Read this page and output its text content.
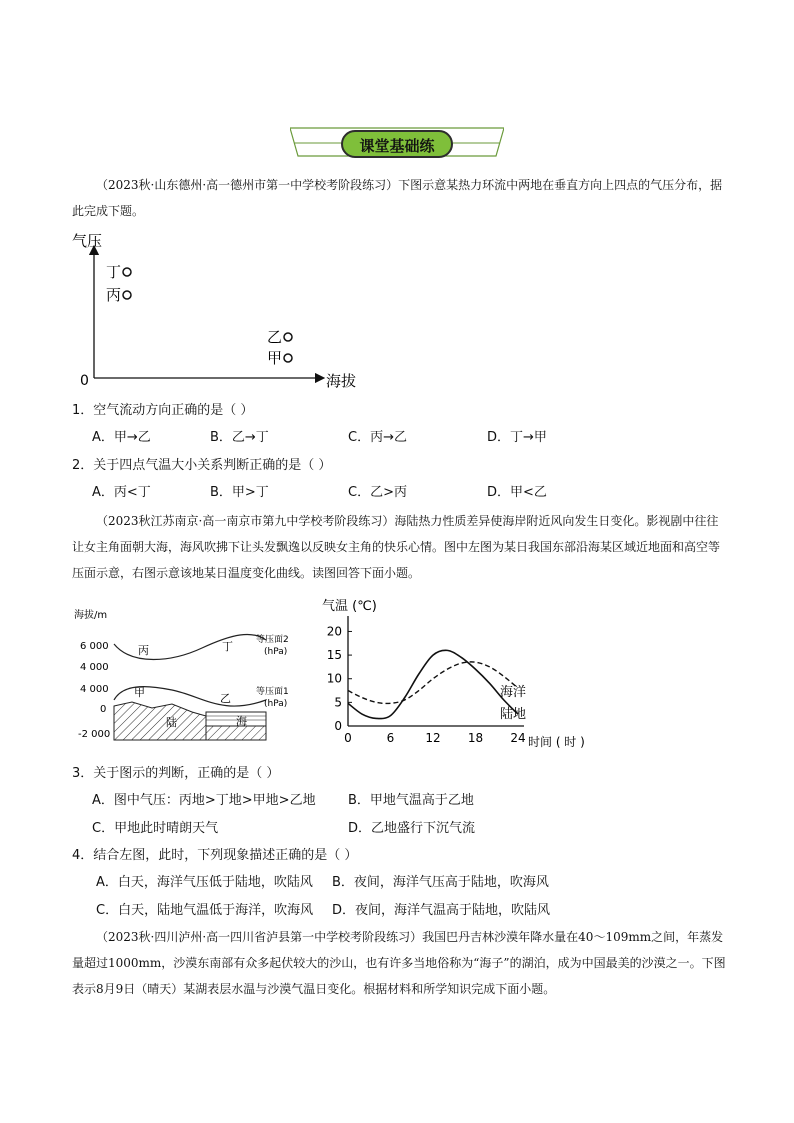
课堂基础练
（2023秋·山东德州·高一德州市第一中学校考阶段练习）下图示意某热力环流中两地在垂直方向上四点的气压分布，据此完成下题。
气压
海拔
0
丁
丙
乙
甲
1．空气流动方向正确的是（ ）
A．甲→乙	B．乙→丁	C．丙→乙	D．丁→甲
2．关于四点气温大小关系判断正确的是（ ）
A．丙<丁	B．甲>丁	C．乙>丙	D．甲<乙
（2023秋江苏南京·高一南京市第九中学校考阶段练习）海陆热力性质差异使海岸附近风向发生日变化。影视剧中往往让女主角面朝大海，海风吹拂下让头发飘逸以反映女主角的快乐心情。图中左图为某日我国东部沿海某区域近地面和高空等压面示意，右图示意该地某日温度变化曲线。读图回答下面小题。
海拔/m
6 000
4 000
4 000
0
-2 000
丙	丁	等压面2
(hPa)
甲	乙	等压面1
(hPa)
陆	海
气温 (℃)
时间 ( 时 )
0
5
10
15
20
0	6	12 18 24
海洋
陆地
3．关于图示的判断，正确的是（ ）
A．图中气压：丙地>丁地>甲地>乙地 B．甲地气温高于乙地
C．甲地此时晴朗天气	D．乙地盛行下沉气流
4．结合左图，此时，下列现象描述正确的是（ ）
A．白天，海洋气压低于陆地，吹陆风 B．夜间，海洋气压高于陆地，吹海风
C．白天，陆地气温低于海洋，吹海风 D．夜间，海洋气温高于陆地，吹陆风
（2023秋·四川泸州·高一四川省泸县第一中学校考阶段练习）我国巴丹吉林沙漠年降水量在40～109mm之间，年蒸发量超过1000mm，沙漠东南部有众多起伏较大的沙山，也有许多当地俗称为“海子”的湖泊，成为中国最美的沙漠之一。下图表示8月9日（晴天）某湖表层水温与沙漠气温日变化。根据材料和所学知识完成下面小题。
